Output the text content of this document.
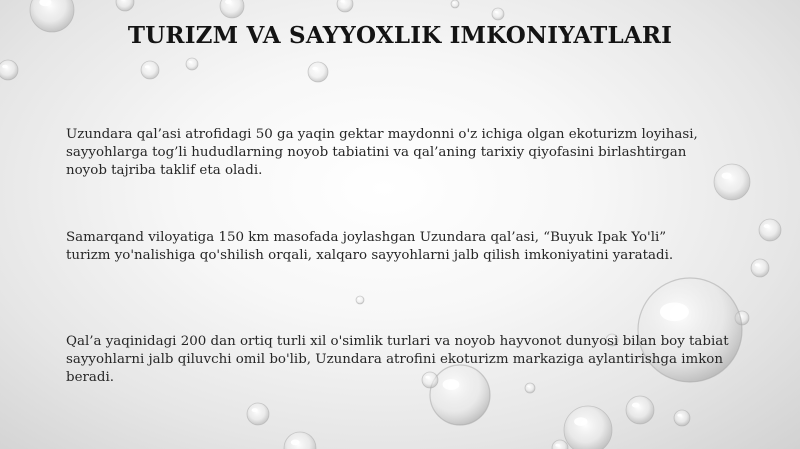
TURIZM VA SAYYOXLIK IMKONIYATLARI
Uzundara qal’asi atrofidagi 50 ga yaqin gektar maydonni o'z ichiga olgan ekoturizm loyihasi,
sayyohlarga tog’li hududlarning noyob tabiatini va qal’aning tarixiy qiyofasini birlashtirgan
noyob tajriba taklif eta oladi.
Samarqand viloyatiga 150 km masofada joylashgan Uzundara qal’asi, “Buyuk Ipak Yo'li”
turizm yo'nalishiga qo'shilish orqali, xalqaro sayyohlarni jalb qilish imkoniyatini yaratadi.
Qal’a yaqinidagi 200 dan ortiq turli xil o'simlik turlari va noyob hayvonot dunyosi bilan boy tabiat
sayyohlarni jalb qiluvchi omil bo'lib, Uzundara atrofini ekoturizm markaziga aylantirishga imkon
beradi.
